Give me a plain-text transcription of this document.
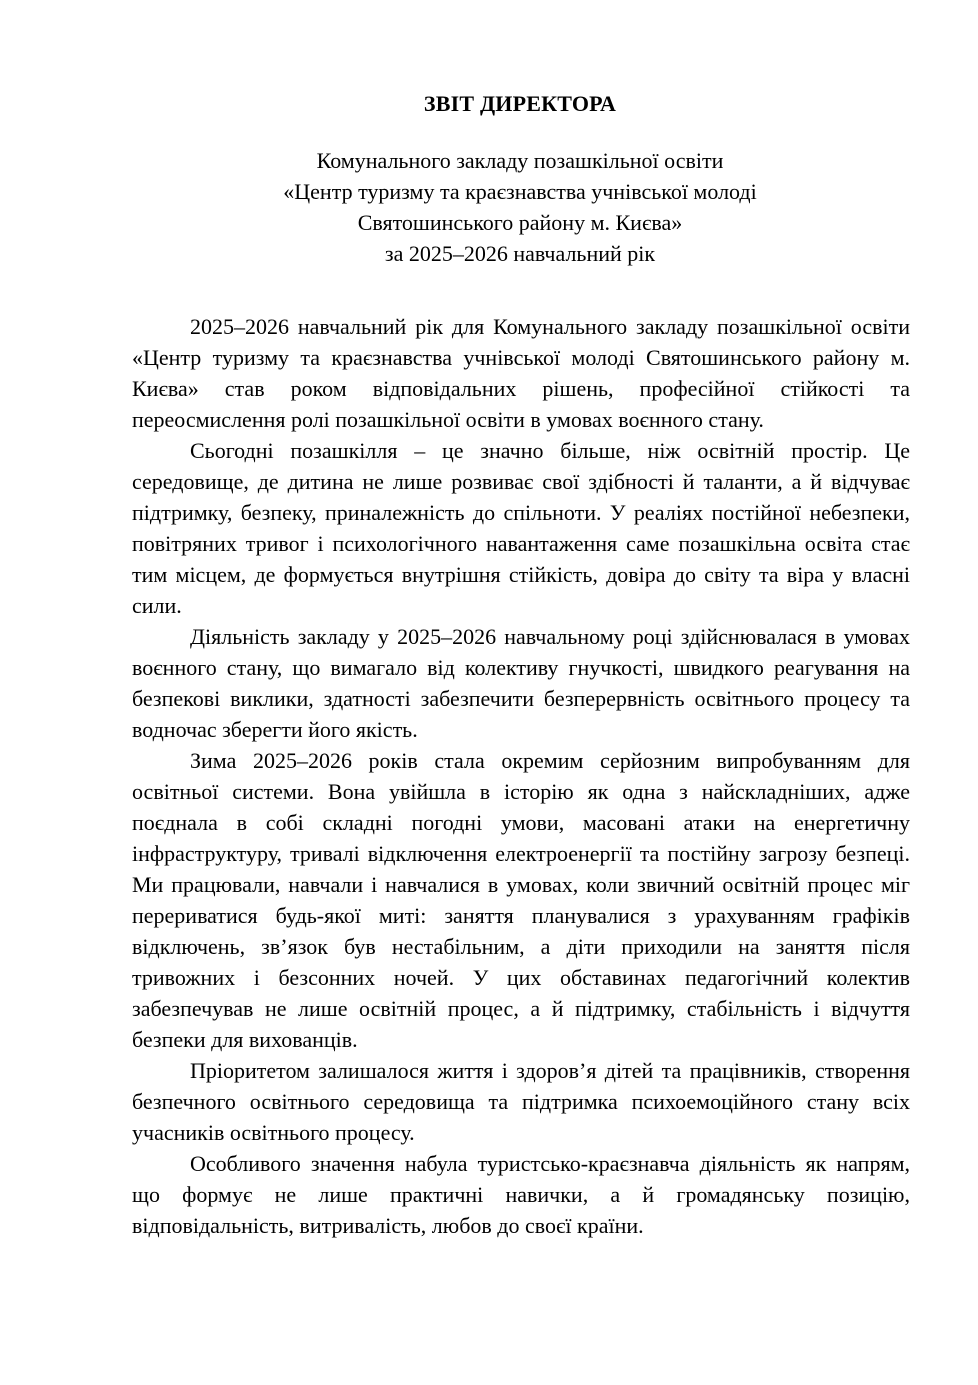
ЗВІТ ДИРЕКТОРА
Комунального закладу позашкільної освіти
«Центр туризму та краєзнавства учнівської молоді
Святошинського району м. Києва»
за 2025–2026 навчальний рік

2025–2026 навчальний рік для Комунального закладу позашкільної освіти «Центр туризму та краєзнавства учнівської молоді Святошинського району м. Києва» став роком відповідальних рішень, професійної стійкості та переосмислення ролі позашкільної освіти в умовах воєнного стану.

Сьогодні позашкілля – це значно більше, ніж освітній простір. Це середовище, де дитина не лише розвиває свої здібності й таланти, а й відчуває підтримку, безпеку, приналежність до спільноти. У реаліях постійної небезпеки, повітряних тривог і психологічного навантаження саме позашкільна освіта стає тим місцем, де формується внутрішня стійкість, довіра до світу та віра у власні сили.

Діяльність закладу у 2025–2026 навчальному році здійснювалася в умовах воєнного стану, що вимагало від колективу гнучкості, швидкого реагування на безпекові виклики, здатності забезпечити безперервність освітнього процесу та водночас зберегти його якість.

Зима 2025–2026 років стала окремим серйозним випробуванням для освітньої системи. Вона увійшла в історію як одна з найскладніших, адже поєднала в собі складні погодні умови, масовані атаки на енергетичну інфраструктуру, тривалі відключення електроенергії та постійну загрозу безпеці. Ми працювали, навчали і навчалися в умовах, коли звичний освітній процес міг перериватися будь-якої миті: заняття планувалися з урахуванням графіків відключень, зв’язок був нестабільним, а діти приходили на заняття після тривожних і безсонних ночей. У цих обставинах педагогічний колектив забезпечував не лише освітній процес, а й підтримку, стабільність і відчуття безпеки для вихованців.

Пріоритетом залишалося життя і здоров’я дітей та працівників, створення безпечного освітнього середовища та підтримка психоемоційного стану всіх учасників освітнього процесу.

Особливого значення набула туристсько-краєзнавча діяльність як напрям, що формує не лише практичні навички, а й громадянську позицію, відповідальність, витривалість, любов до своєї країни.
